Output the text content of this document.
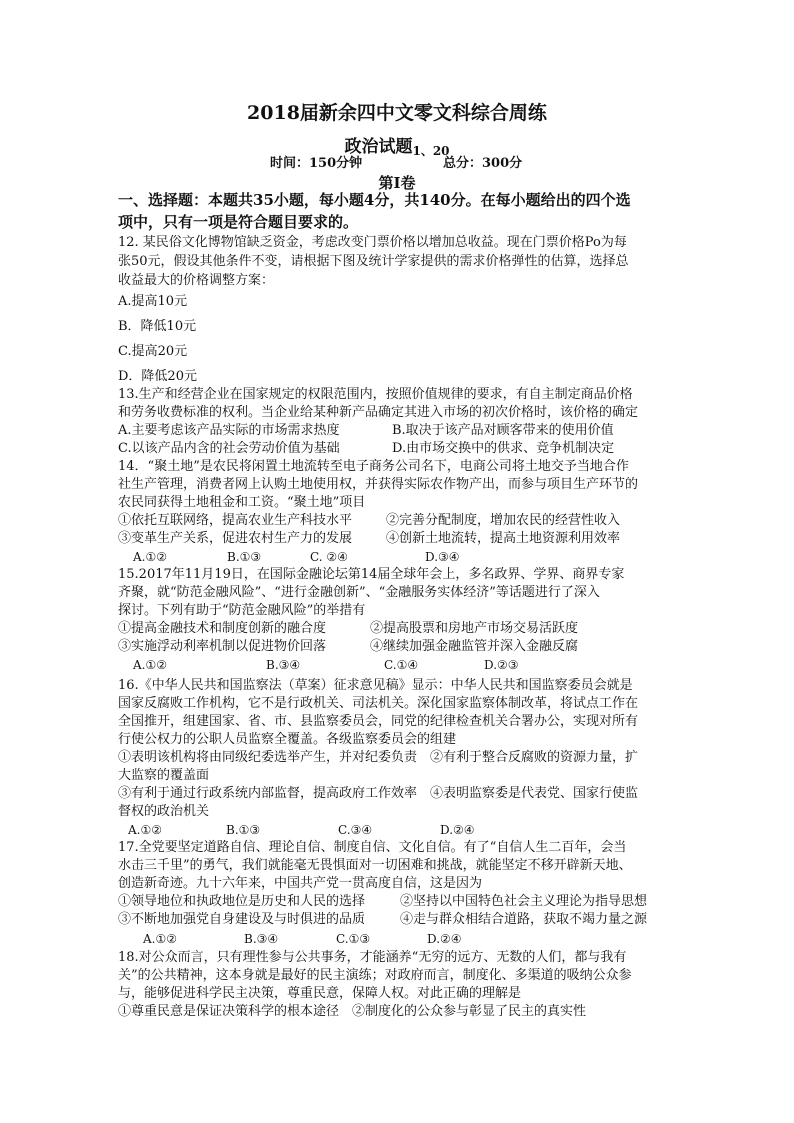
2018届新余四中文零文科综合周练
政治试题$_{1、20}$
时间：150分钟	总分：300分
第Ⅰ卷
一、选择题：本题共35小题，每小题4分，共140分。在每小题给出的四个选
项中，只有一项是符合题目要求的。
12. 某民俗文化博物馆缺乏资金，考虑改变门票价格以增加总收益。现在门票价格Po为每
张50元，假设其他条件不变，请根据下图及统计学家提供的需求价格弹性的估算，选择总
收益最大的价格调整方案：
A.提高10元
B．降低10元
C.提高20元
D．降低20元
13.生产和经营企业在国家规定的权限范围内，按照价值规律的要求，有自主制定商品价格
和劳务收费标准的权利。当企业给某种新产品确定其进入市场的初次价格时，该价格的确定
A.主要考虑该产品实际的市场需求热度	B.取决于该产品对顾客带来的使用价值
C.以该产品内含的社会劳动价值为基础	D.由市场交换中的供求、竞争机制决定
14．“聚土地”是农民将闲置土地流转至电子商务公司名下，电商公司将土地交予当地合作
社生产管理，消费者网上认购土地使用权，并获得实际农作物产出，而参与项目生产环节的
农民同获得土地租金和工资。“聚土地”项目
①依托互联网络，提高农业生产科技水平	②完善分配制度，增加农民的经营性收入
③变革生产关系，促进农村生产力的发展	④创新土地流转，提高土地资源利用效率
A.①②	B.①③	C. ②④	D.③④
15.2017年11月19日，在国际金融论坛第14届全球年会上，多名政界、学界、商界专家
齐聚，就“防范金融风险”、“进行金融创新”、“金融服务实体经济”等话题进行了深入
探讨。下列有助于“防范金融风险”的举措有
①提高金融技术和制度创新的融合度	②提高股票和房地产市场交易活跃度
③实施浮动利率机制以促进物价回落	④继续加强金融监管并深入金融反腐
A.①②	B.③④	C.①④	D.②③
16.《中华人民共和国监察法（草案）征求意见稿》显示：中华人民共和国监察委员会就是
国家反腐败工作机构，它不是行政机关、司法机关。深化国家监察体制改革，将试点工作在
全国推开，组建国家、省、市、县监察委员会，同党的纪律检查机关合署办公，实现对所有
行使公权力的公职人员监察全覆盖。各级监察委员会的组建
①表明该机构将由同级纪委选举产生，并对纪委负责　②有利于整合反腐败的资源力量，扩
大监察的覆盖面
③有利于通过行政系统内部监督，提高政府工作效率　④表明监察委是代表党、国家行使监
督权的政治机关
A.①②	B.①③	C.③④	D.②④
17.全党要坚定道路自信、理论自信、制度自信、文化自信。有了“自信人生二百年，会当
水击三千里”的勇气，我们就能毫无畏惧面对一切困难和挑战，就能坚定不移开辟新天地、
创造新奇迹。九十六年来，中国共产党一贯高度自信，这是因为
①领导地位和执政地位是历史和人民的选择	②坚持以中国特色社会主义理论为指导思想
③不断地加强党自身建设及与时俱进的品质	④走与群众相结合道路，获取不竭力量之源
A.①②	B.③④	C.①③	D.②④
18.对公众而言，只有理性参与公共事务，才能涵养“无穷的远方、无数的人们，都与我有
关”的公共精神，这本身就是最好的民主演练；对政府而言，制度化、多渠道的吸纳公众参
与，能够促进科学民主决策，尊重民意，保障人权。对此正确的理解是
①尊重民意是保证决策科学的根本途径　②制度化的公众参与彰显了民主的真实性
